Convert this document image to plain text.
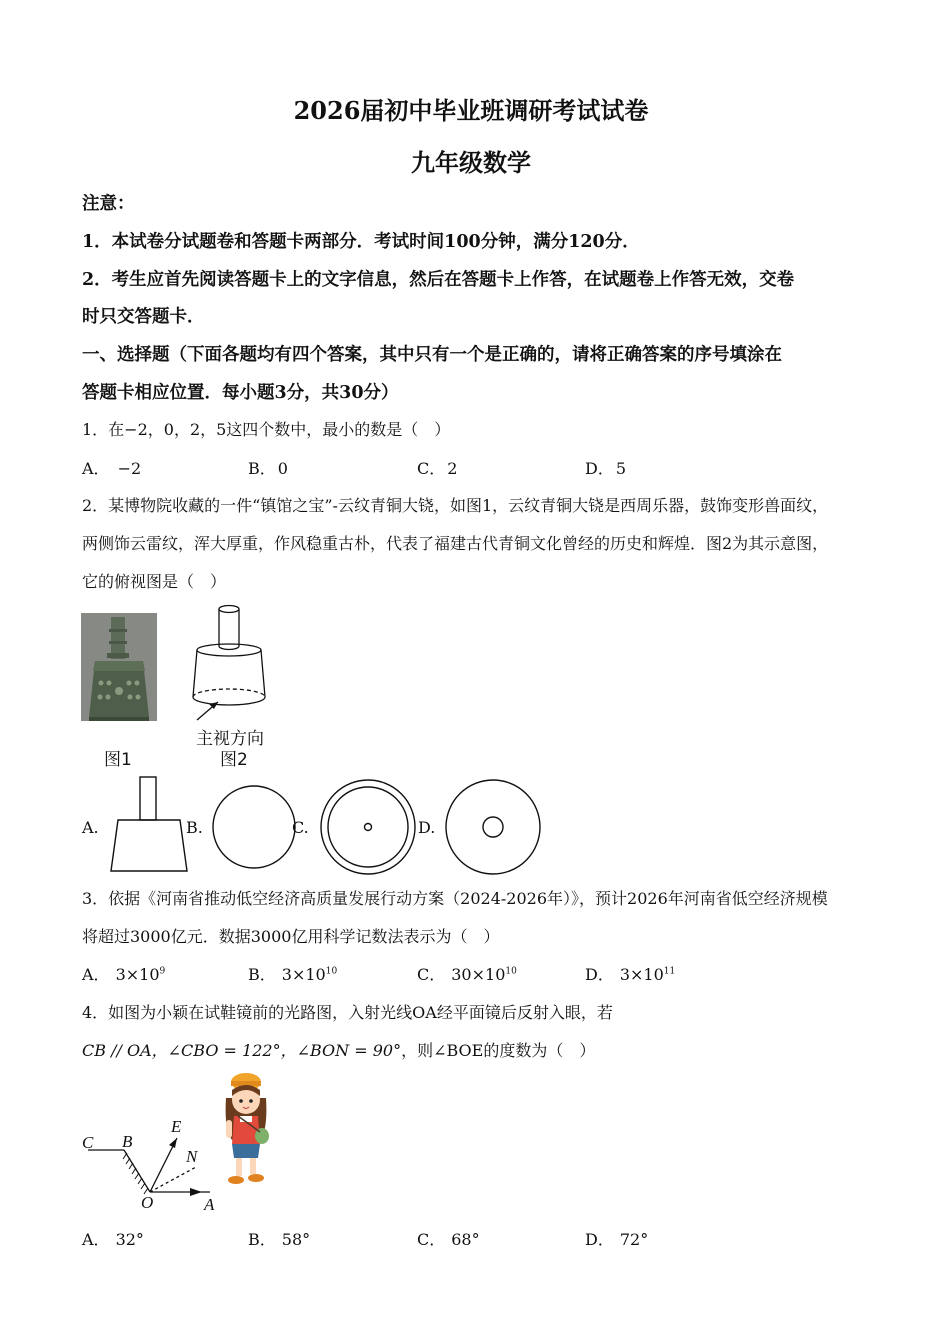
2026届初中毕业班调研考试试卷
九年级数学
注意：
1．本试卷分试题卷和答题卡两部分．考试时间100分钟，满分120分．
2．考生应首先阅读答题卡上的文字信息，然后在答题卡上作答，在试题卷上作答无效，交卷
时只交答题卡．
一、选择题（下面各题均有四个答案，其中只有一个是正确的，请将正确答案的序号填涂在
答题卡相应位置．每小题3分，共30分）
1．在−2，0，2，5这四个数中，最小的数是（　）
A． −2	B． 0	C． 2	D． 5
2．某博物院收藏的一件“镇馆之宝”-云纹青铜大铙，如图1，云纹青铜大铙是西周乐器，鼓饰变形兽面纹，
两侧饰云雷纹，浑大厚重，作风稳重古朴，代表了福建古代青铜文化曾经的历史和辉煌．图2为其示意图，
它的俯视图是（　）
主视方向
图1	图2
A.	B.	C.	D.
3．依据《河南省推动低空经济高质量发展行动方案（2024-2026年）》，预计2026年河南省低空经济规模
将超过3000亿元．数据3000亿用科学记数法表示为（　）
A． $3\times 10^9$	B． $3\times 10^{10}$	C． $30\times 10^{10}$	D． $3\times 10^{11}$
4．如图为小颖在试鞋镜前的光路图，入射光线OA经平面镜后反射入眼，若
CB // OA，∠CBO = 122°，∠BON = 90°，则∠BOE的度数为（　）
C B
E
N
O	A
A． 32°	B． 58°	C． 68°	D． 72°
